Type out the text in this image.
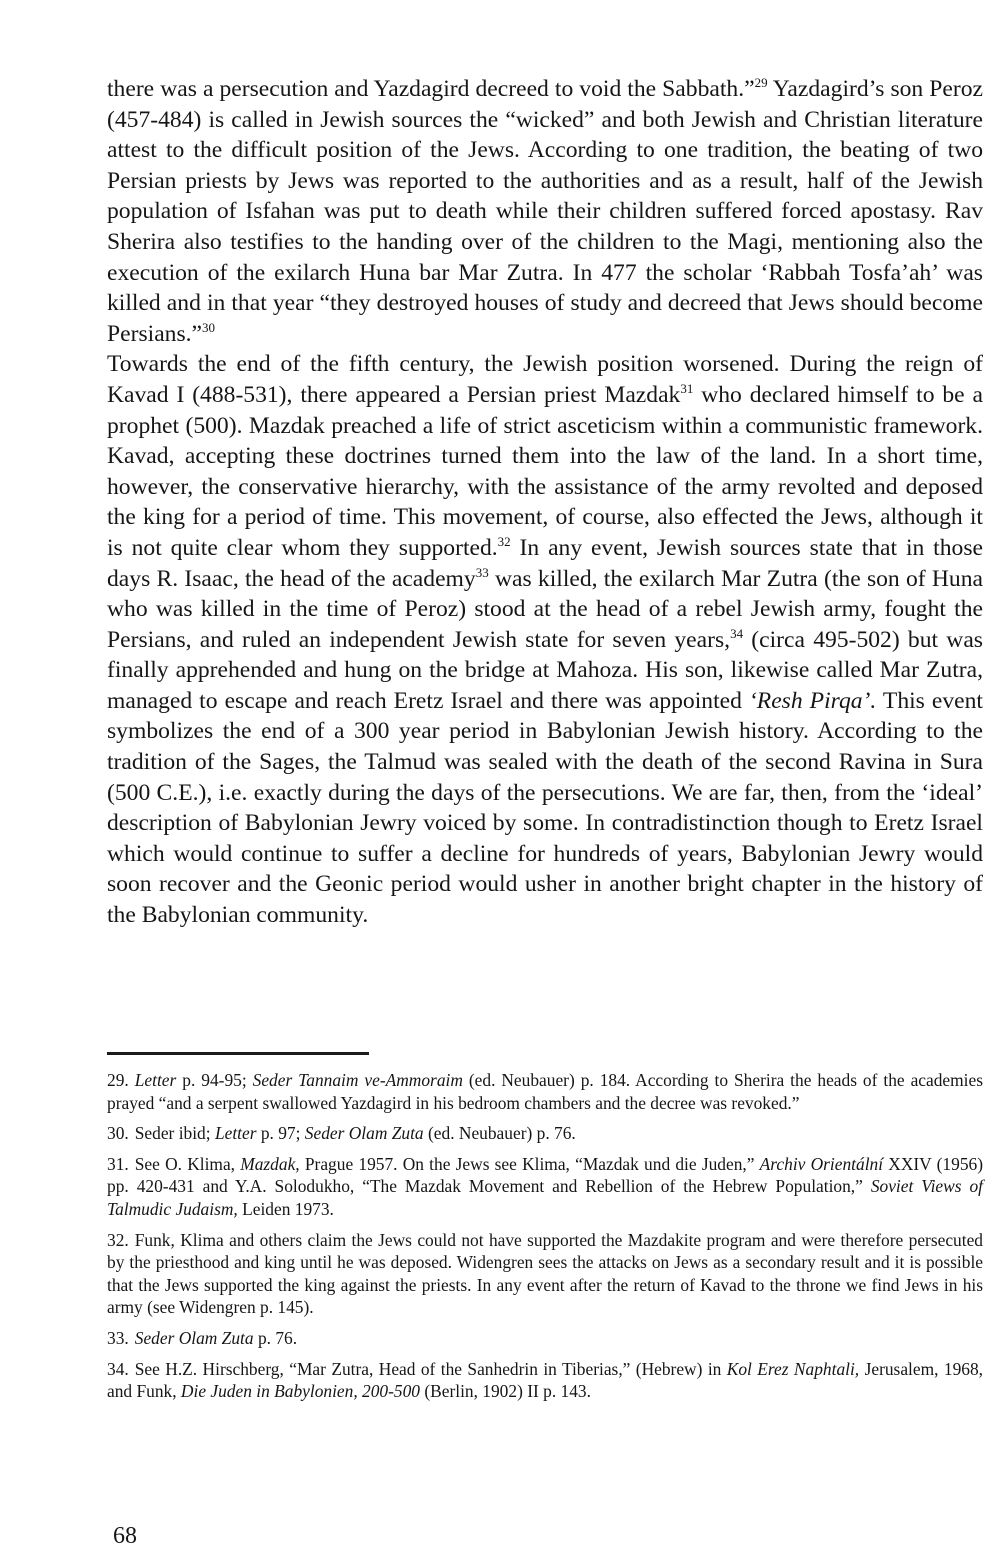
there was a persecution and Yazdagird decreed to void the Sabbath.”$^{29}$ Yazdagird’s son Peroz (457-484) is called in Jewish sources the “wicked” and both Jewish and Christian literature attest to the difficult position of the Jews. According to one tradition, the beating of two Persian priests by Jews was reported to the authorities and as a result, half of the Jewish population of Isfahan was put to death while their children suffered forced apostasy. Rav Sherira also testifies to the handing over of the children to the Magi, mentioning also the execution of the exilarch Huna bar Mar Zutra. In 477 the scholar ‘Rabbah Tosfa’ah’ was killed and in that year “they destroyed houses of study and decreed that Jews should become Persians.”$^{30}$

Towards the end of the fifth century, the Jewish position worsened. During the reign of Kavad I (488-531), there appeared a Persian priest Mazdak$^{31}$ who declared himself to be a prophet (500). Mazdak preached a life of strict asceticism within a communistic framework. Kavad, accepting these doctrines turned them into the law of the land. In a short time, however, the conservative hierarchy, with the assistance of the army revolted and deposed the king for a period of time. This movement, of course, also effected the Jews, although it is not quite clear whom they supported.$^{32}$ In any event, Jewish sources state that in those days R. Isaac, the head of the academy$^{33}$ was killed, the exilarch Mar Zutra (the son of Huna who was killed in the time of Peroz) stood at the head of a rebel Jewish army, fought the Persians, and ruled an independent Jewish state for seven years,$^{34}$ (circa 495-502) but was finally apprehended and hung on the bridge at Mahoza. His son, likewise called Mar Zutra, managed to escape and reach Eretz Israel and there was appointed ‘Resh Pirqa’. This event symbolizes the end of a 300 year period in Babylonian Jewish history. According to the tradition of the Sages, the Talmud was sealed with the death of the second Ravina in Sura (500 C.E.), i.e. exactly during the days of the persecutions. We are far, then, from the ‘ideal’ description of Babylonian Jewry voiced by some. In contradistinction though to Eretz Israel which would continue to suffer a decline for hundreds of years, Babylonian Jewry would soon recover and the Geonic period would usher in another bright chapter in the history of the Babylonian community.

29. Letter p. 94-95; Seder Tannaim ve-Ammoraim (ed. Neubauer) p. 184. According to Sherira the heads of the academies prayed “and a serpent swallowed Yazdagird in his bedroom chambers and the decree was revoked.”
30. Seder ibid; Letter p. 97; Seder Olam Zuta (ed. Neubauer) p. 76.
31. See O. Klima, Mazdak, Prague 1957. On the Jews see Klima, “Mazdak und die Juden,” Archiv Orientální XXIV (1956) pp. 420-431 and Y.A. Solodukho, “The Mazdak Movement and Rebellion of the Hebrew Population,” Soviet Views of Talmudic Judaism, Leiden 1973.
32. Funk, Klima and others claim the Jews could not have supported the Mazdakite program and were therefore persecuted by the priesthood and king until he was deposed. Widengren sees the attacks on Jews as a secondary result and it is possible that the Jews supported the king against the priests. In any event after the return of Kavad to the throne we find Jews in his army (see Widengren p. 145).
33. Seder Olam Zuta p. 76.
34. See H.Z. Hirschberg, “Mar Zutra, Head of the Sanhedrin in Tiberias,” (Hebrew) in Kol Erez Naphtali, Jerusalem, 1968, and Funk, Die Juden in Babylonien, 200-500 (Berlin, 1902) II p. 143.
68
